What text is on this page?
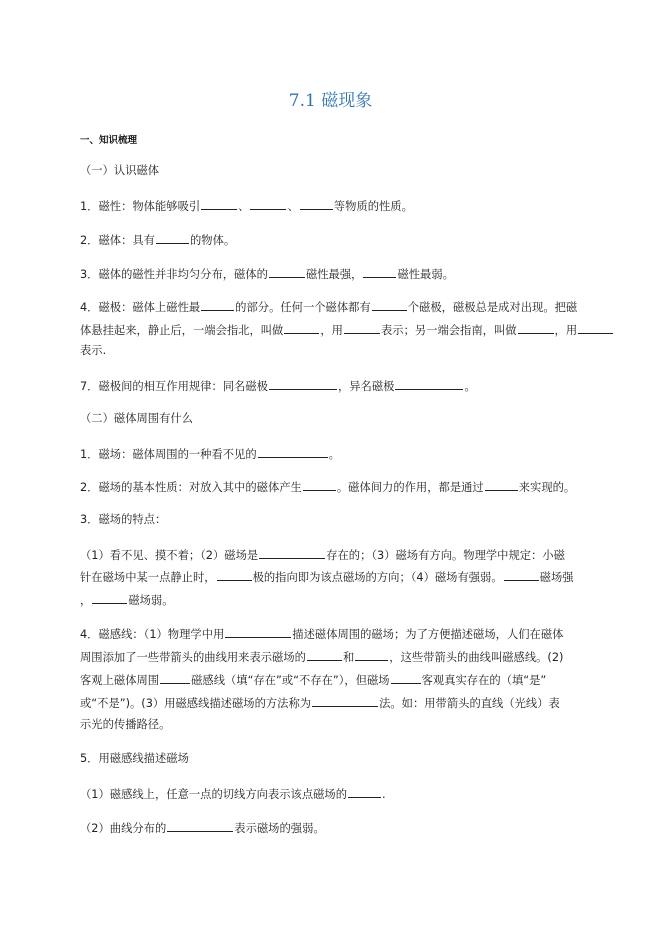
7.1 磁现象
一、知识梳理
（一）认识磁体
1．磁性：物体能够吸引	、	、	等物质的性质。
2．磁体：具有	的物体。
3．磁体的磁性并非均匀分布，磁体的	磁性最强，	磁性最弱。
4．磁极：磁体上磁性最	的部分。任何一个磁体都有	个磁极，磁极总是成对出现。把磁
体悬挂起来，静止后，一端会指北，叫做	，用	表示；另一端会指南，叫做	，用
表示.
7．磁极间的相互作用规律：同名磁极	，异名磁极	。
（二）磁体周围有什么
1．磁场：磁体周围的一种看不见的	。
2．磁场的基本性质：对放入其中的磁体产生	。磁体间力的作用，都是通过	来实现的。
3．磁场的特点：
（1）看不见、摸不着；（2）磁场是	存在的；（3）磁场有方向。物理学中规定：小磁
针在磁场中某一点静止时，	极的指向即为该点磁场的方向；（4）磁场有强弱。	磁场强
，	磁场弱。
4．磁感线：（1）物理学中用	描述磁体周围的磁场；为了方便描述磁场，人们在磁体
周围添加了一些带箭头的曲线用来表示磁场的	和	，这些带箭头的曲线叫磁感线。(2)
客观上磁体周围	磁感线（填“存在”或“不存在”），但磁场	客观真实存在的（填“是”
或“不是”)。(3）用磁感线描述磁场的方法称为	法。如：用带箭头的直线（光线）表
示光的传播路径。
5．用磁感线描述磁场
（1）磁感线上，任意一点的切线方向表示该点磁场的	.
（2）曲线分布的	表示磁场的强弱。
